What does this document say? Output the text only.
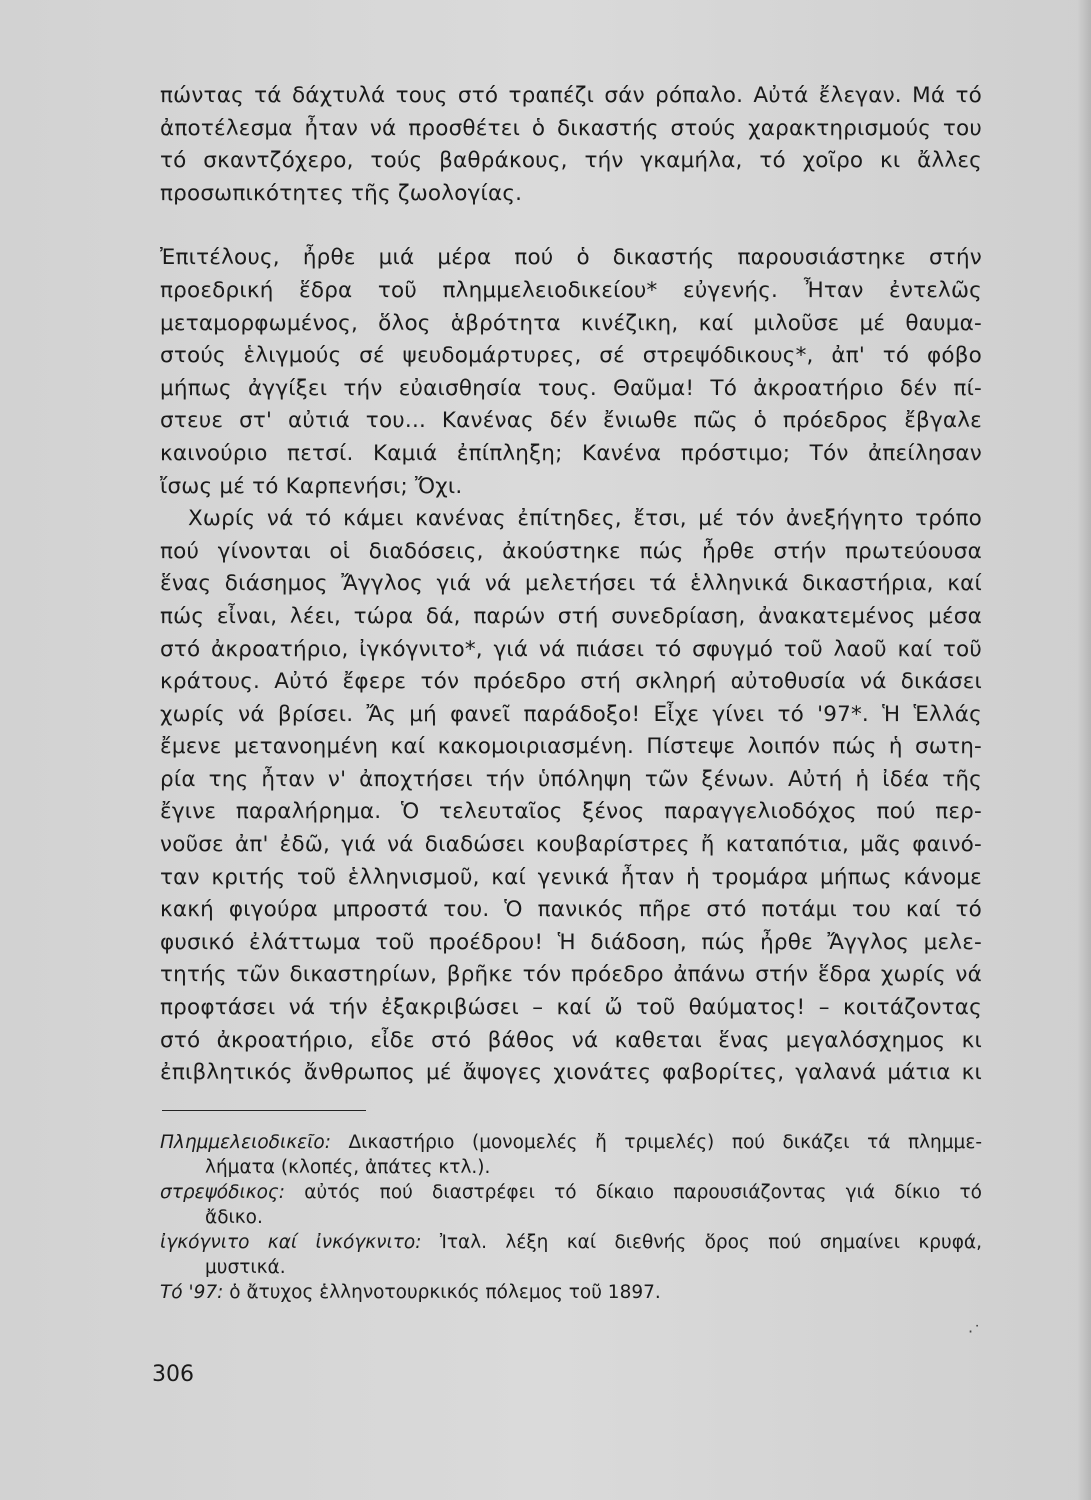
πώντας τά δάχτυλά τους στό τραπέζι σάν ρόπαλο. Αὐτά ἔλεγαν. Μά τό
ἀποτέλεσμα ἦταν νά προσθέτει ὁ δικαστής στούς χαρακτηρισμούς του
τό σκαντζόχερο, τούς βαθράκους, τήν γκαμήλα, τό χοῖρο κι ἄλλες
προσωπικότητες τῆς ζωολογίας.
Ἐπιτέλους, ἦρθε μιά μέρα πού ὁ δικαστής παρουσιάστηκε στήν
προεδρική ἕδρα τοῦ πλημμελειοδικείου* εὐγενής. Ἦταν ἐντελῶς
μεταμορφωμένος, ὅλος ἁβρότητα κινέζικη, καί μιλοῦσε μέ θαυμα-
στούς ἑλιγμούς σέ ψευδομάρτυρες, σέ στρεψόδικους*, ἀπ' τό φόβο
μήπως ἀγγίξει τήν εὐαισθησία τους. Θαῦμα! Τό ἀκροατήριο δέν πί-
στευε στ' αὐτιά του... Κανένας δέν ἔνιωθε πῶς ὁ πρόεδρος ἔβγαλε
καινούριο πετσί. Καμιά ἐπίπληξη; Κανένα πρόστιμο; Τόν ἀπείλησαν
ἴσως μέ τό Καρπενήσι; Ὄχι.
Χωρίς νά τό κάμει κανένας ἐπίτηδες, ἔτσι, μέ τόν ἀνεξήγητο τρόπο
πού γίνονται οἱ διαδόσεις, ἀκούστηκε πώς ἦρθε στήν πρωτεύουσα
ἕνας διάσημος Ἄγγλος γιά νά μελετήσει τά ἑλληνικά δικαστήρια, καί
πώς εἶναι, λέει, τώρα δά, παρών στή συνεδρίαση, ἀνακατεμένος μέσα
στό ἀκροατήριο, ἰγκόγνιτο*, γιά νά πιάσει τό σφυγμό τοῦ λαοῦ καί τοῦ
κράτους. Αὐτό ἔφερε τόν πρόεδρο στή σκληρή αὐτοθυσία νά δικάσει
χωρίς νά βρίσει. Ἄς μή φανεῖ παράδοξο! Εἶχε γίνει τό '97*. Ἡ Ἑλλάς
ἔμενε μετανοημένη καί κακομοιριασμένη. Πίστεψε λοιπόν πώς ἡ σωτη-
ρία της ἦταν ν' ἀποχτήσει τήν ὑπόληψη τῶν ξένων. Αὐτή ἡ ἰδέα τῆς
ἔγινε παραλήρημα. Ὁ τελευταῖος ξένος παραγγελιοδόχος πού περ-
νοῦσε ἀπ' ἐδῶ, γιά νά διαδώσει κουβαρίστρες ἤ καταπότια, μᾶς φαινό-
ταν κριτής τοῦ ἑλληνισμοῦ, καί γενικά ἦταν ἡ τρομάρα μήπως κάνομε
κακή φιγούρα μπροστά του. Ὁ πανικός πῆρε στό ποτάμι του καί τό
φυσικό ἐλάττωμα τοῦ προέδρου! Ἡ διάδοση, πώς ἦρθε Ἄγγλος μελε-
τητής τῶν δικαστηρίων, βρῆκε τόν πρόεδρο ἀπάνω στήν ἕδρα χωρίς νά
προφτάσει νά τήν ἐξακριβώσει – καί ὤ τοῦ θαύματος! – κοιτάζοντας
στό ἀκροατήριο, εἶδε στό βάθος νά καθεται ἕνας μεγαλόσχημος κι
ἐπιβλητικός ἄνθρωπος μέ ἄψογες χιονάτες φαβορίτες, γαλανά μάτια κι
Πλημμελειοδικεῖο: Δικαστήριο (μονομελές ἤ τριμελές) πού δικάζει τά πλημμε-
λήματα (κλοπές, ἀπάτες κτλ.).
στρεψόδικος: αὐτός πού διαστρέφει τό δίκαιο παρουσιάζοντας γιά δίκιο τό
ἄδικο.
ἰγκόγνιτο καί ἰνκόγκνιτο: Ἰταλ. λέξη καί διεθνής ὅρος πού σημαίνει κρυφά,
μυστικά.
Τό '97: ὁ ἄτυχος ἑλληνοτουρκικός πόλεμος τοῦ 1897.
·˙
306
